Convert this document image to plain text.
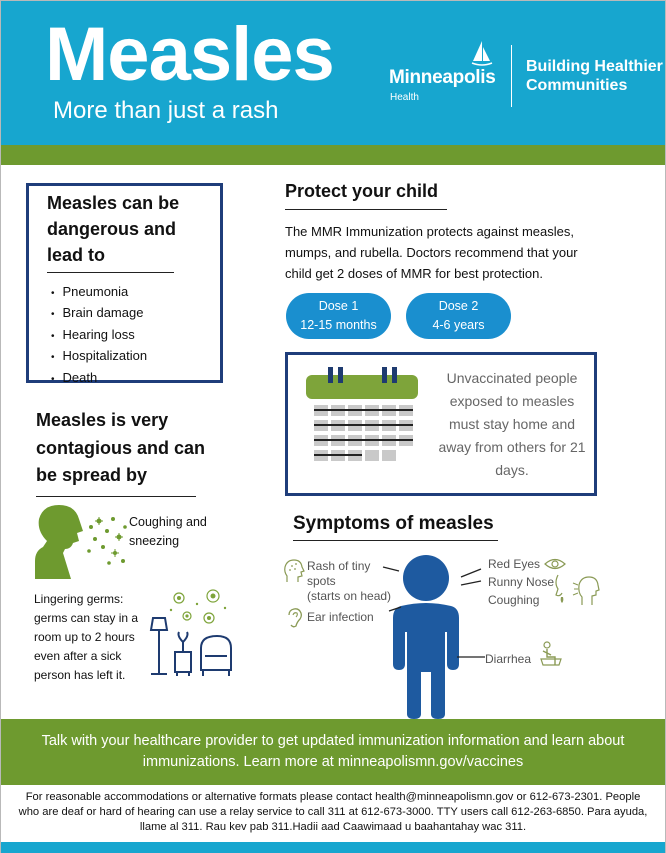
Measles
More than just a rash
Minneapolis
Health
Building Healthier
Communities
Measles can be dangerous and lead to
• Pneumonia
• Brain damage
• Hearing loss
• Hospitalization
• Death
Measles is very contagious and can be spread by
Coughing and sneezing
Lingering germs: germs can stay in a room up to 2 hours even after a sick person has left it.
Protect your child
The MMR Immunization protects against measles, mumps, and rubella. Doctors recommend that your child get 2 doses of MMR for best protection.
Dose 1
12-15 months
Dose 2
4-6 years
Unvaccinated people exposed to measles must stay home and away from others for 21 days.
Symptoms of measles
Rash of tiny
spots
(starts on head)
Ear infection
Red Eyes
Runny Nose
Coughing
Diarrhea
Talk with your healthcare provider to get updated immunization information and learn about immunizations. Learn more at minneapolismn.gov/vaccines
For reasonable accommodations or alternative formats please contact health@minneapolismn.gov or 612-673-2301. People who are deaf or hard of hearing can use a relay service to call 311 at 612-673-3000. TTY users call 612-263-6850. Para ayuda, llame al 311. Rau kev pab 311.Hadii aad Caawimaad u baahantahay wac 311.
